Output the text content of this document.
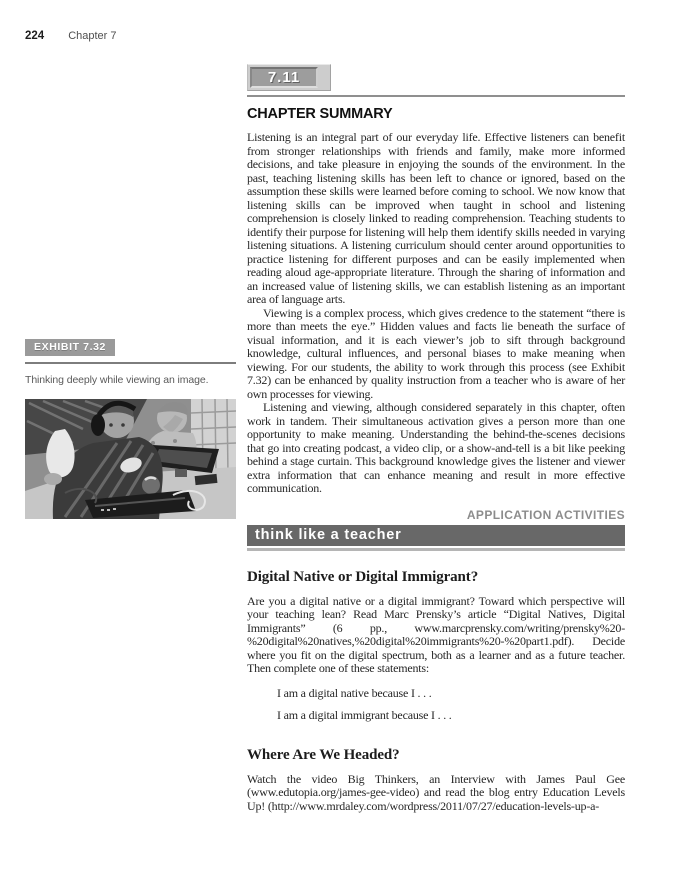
224 Chapter 7
EXHIBIT 7.32

Thinking deeply while viewing an image.

7.11
CHAPTER SUMMARY

Listening is an integral part of our everyday life. Effective listeners can benefit from stronger relationships with friends and family, make more informed decisions, and take pleasure in enjoying the sounds of the environment. In the past, teaching listening skills has been left to chance or ignored, based on the assumption these skills were learned before coming to school. We now know that listening skills can be improved when taught in school and listening comprehension is closely linked to reading comprehension. Teaching students to identify their purpose for listening will help them identify skills needed in varying listening situations. A listening curriculum should center around opportunities to practice listening for different purposes and can be easily implemented when reading aloud age-appropriate literature. Through the sharing of information and an increased value of listening skills, we can establish listening as an important area of language arts.

Viewing is a complex process, which gives credence to the statement “there is more than meets the eye.” Hidden values and facts lie beneath the surface of visual information, and it is each viewer’s job to sift through background knowledge, cultural influences, and personal biases to make meaning when viewing. For our students, the ability to work through this process (see Exhibit 7.32) can be enhanced by quality instruction from a teacher who is aware of her own processes for viewing.

Listening and viewing, although considered separately in this chapter, often work in tandem. Their simultaneous activation gives a person more than one opportunity to make meaning. Understanding the behind-the-scenes decisions that go into creating podcast, a video clip, or a show-and-tell is a bit like peeking behind a stage curtain. This background knowledge gives the listener and viewer extra information that can enhance meaning and result in more effective communication.

APPLICATION ACTIVITIES
think like a teacher
Digital Native or Digital Immigrant?

Are you a digital native or a digital immigrant? Toward which perspective will your teaching lean? Read Marc Prensky’s article “Digital Natives, Digital Immigrants” (6 pp., www.marcprensky.com/writing/prensky%20-%20digital%20natives,%20digital%20immigrants%20-%20part1.pdf). Decide where you fit on the digital spectrum, both as a learner and as a future teacher. Then complete one of these statements:

I am a digital native because I . . .

I am a digital immigrant because I . . .

Where Are We Headed?

Watch the video Big Thinkers, an Interview with James Paul Gee (www.edutopia.org/james-gee-video) and read the blog entry Education Levels Up! (http://www.mrdaley.com/wordpress/2011/07/27/education-levels-up-a-
